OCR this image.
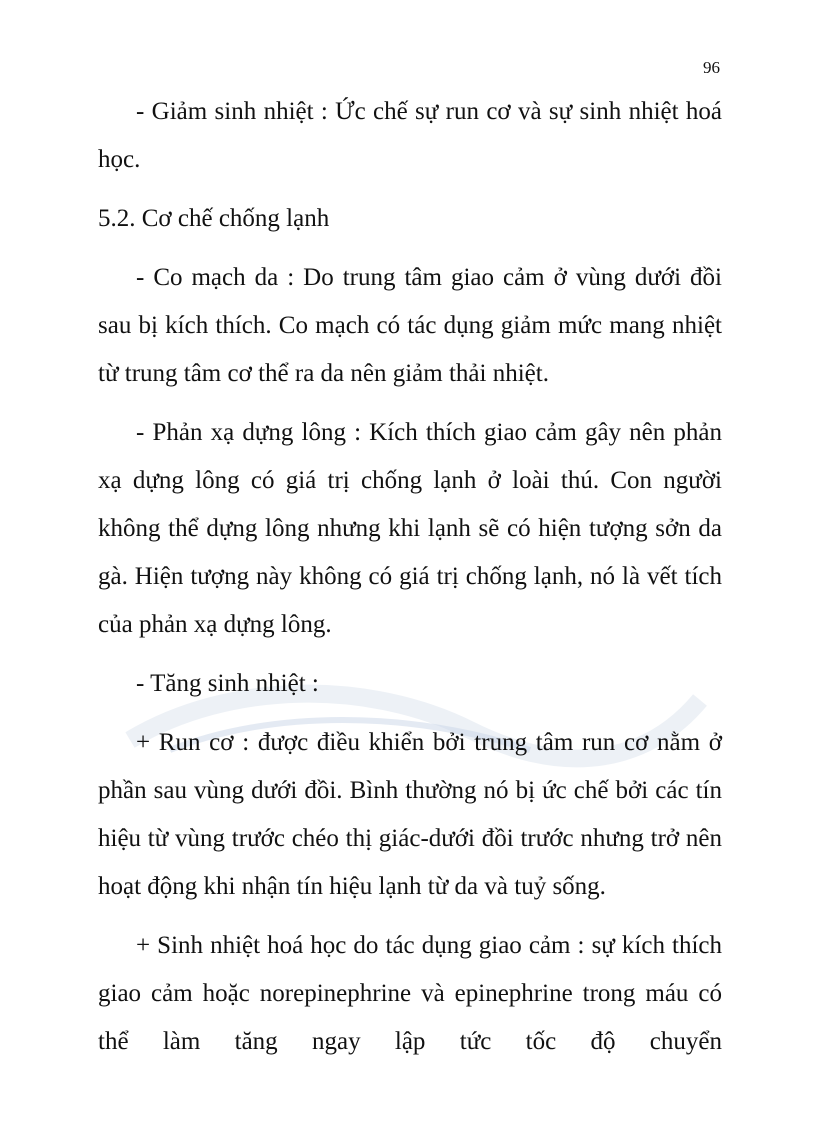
96

- Giảm sinh nhiệt : Ức chế sự run cơ và sự sinh nhiệt hoá học.

5.2. Cơ chế chống lạnh

- Co mạch da : Do trung tâm giao cảm ở vùng dưới đồi sau bị kích thích. Co mạch có tác dụng giảm mức mang nhiệt từ trung tâm cơ thể ra da nên giảm thải nhiệt.

- Phản xạ dựng lông : Kích thích giao cảm gây nên phản xạ dựng lông có giá trị chống lạnh ở loài thú. Con người không thể dựng lông nhưng khi lạnh sẽ có hiện tượng sởn da gà. Hiện tượng này không có giá trị chống lạnh, nó là vết tích của phản xạ dựng lông.

- Tăng sinh nhiệt :

+ Run cơ : được điều khiển bởi trung tâm run cơ nằm ở phần sau vùng dưới đồi. Bình thường nó bị ức chế bởi các tín hiệu từ vùng trước chéo thị giác-dưới đồi trước nhưng trở nên hoạt động khi nhận tín hiệu lạnh từ da và tuỷ sống.

+ Sinh nhiệt hoá học do tác dụng giao cảm : sự kích thích giao cảm hoặc norepinephrine và epinephrine trong máu có thể làm tăng ngay lập tức tốc độ chuyển
